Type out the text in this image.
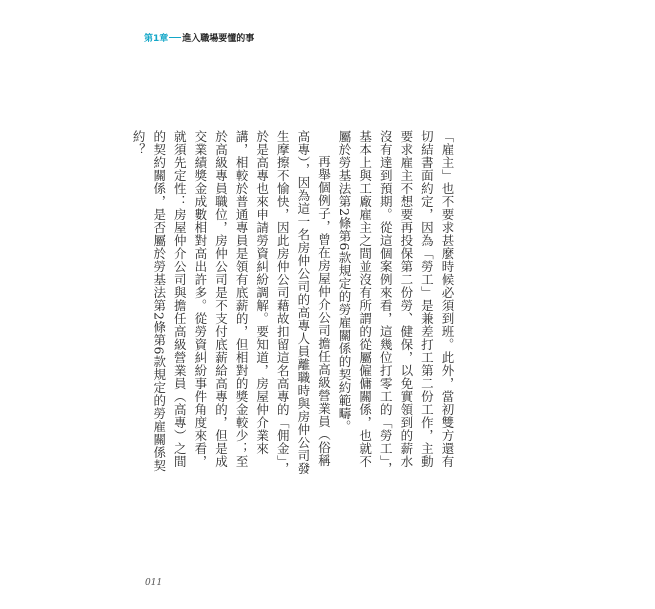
第1章 進入職場要懂的事

「雇主」也不要求甚麼時候必須到班。此外，當初雙方還有切結書面約定，因為「勞工」是兼差打工第二份工作，主動要求雇主不想要再投保第二份勞、健保，以免實領到的薪水沒有達到預期。從這個案例來看，這幾位打零工的「勞工」，基本上與工廠雇主之間並沒有所謂的從屬僱傭關係，也就不屬於勞基法第2條第6款規定的勞雇關係的契約範疇。

再舉個例子，曾在房屋仲介公司擔任高級營業員（俗稱高專），因為這一名房仲公司的高專人員離職時與房仲公司發生摩擦不愉快，因此房仲公司藉故扣留這名高專的「佣金」，於是高專也來申請勞資糾紛調解。要知道，房屋仲介業來講，相較於普通專員是領有底薪的，但相對的獎金較少；至於高級專員職位，房仲公司是不支付底薪給高專的，但是成交業績獎金成數相對高出許多。從勞資糾紛事件角度來看，就須先定性：房屋仲介公司與擔任高級營業員（高專）之間的契約關係，是否屬於勞基法第2條第6款規定的勞雇關係契約？

011
